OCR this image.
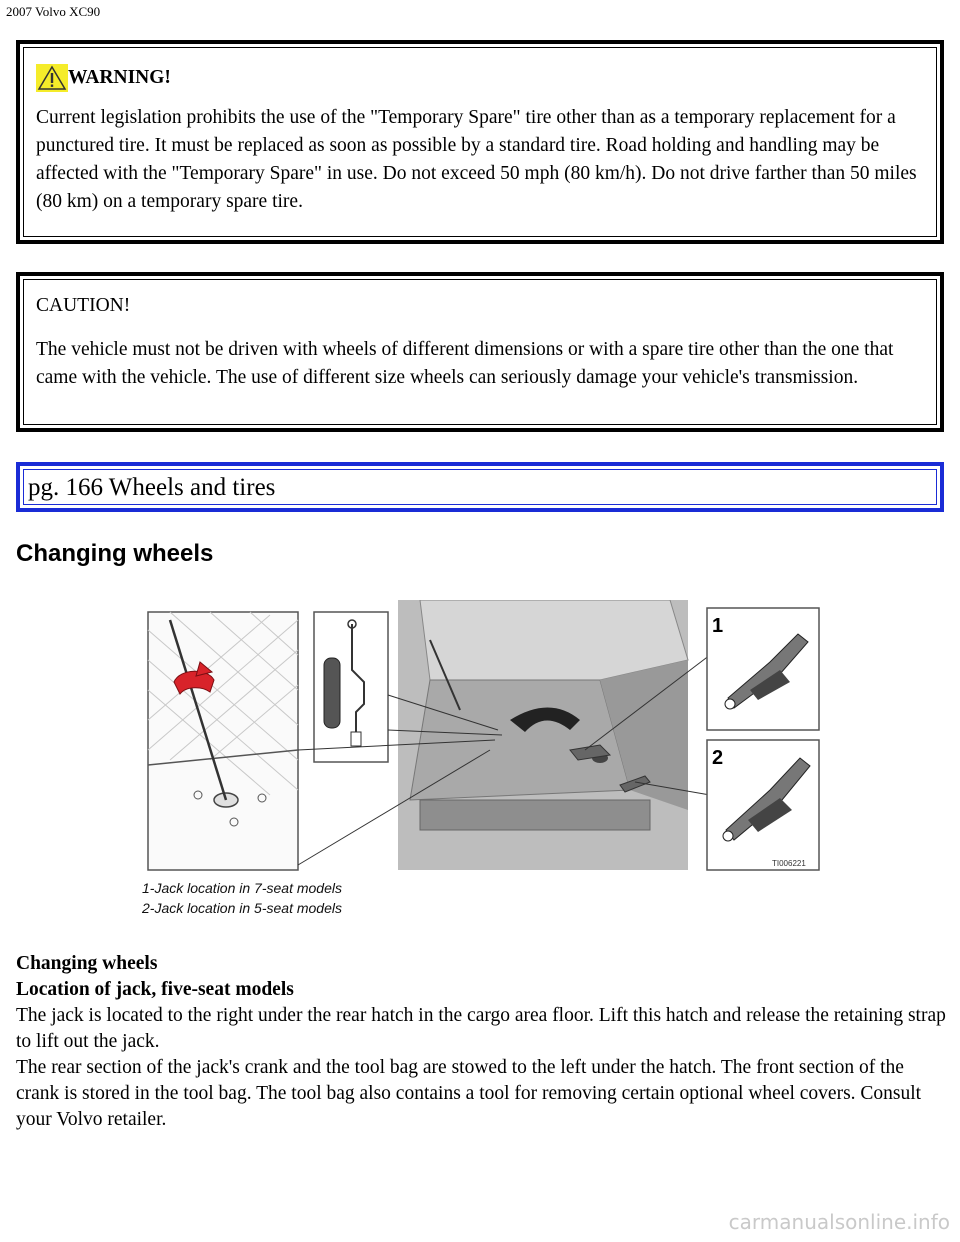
2007 Volvo XC90
WARNING!

Current legislation prohibits the use of the "Temporary Spare" tire other than as a temporary replacement for a punctured tire. It must be replaced as soon as possible by a standard tire. Road holding and handling may be affected with the "Temporary Spare" in use. Do not exceed 50 mph (80 km/h). Do not drive farther than 50 miles (80 km) on a temporary spare tire.

CAUTION!

The vehicle must not be driven with wheels of different dimensions or with a spare tire other than the one that came with the vehicle. The use of different size wheels can seriously damage your vehicle's transmission.

pg. 166 Wheels and tires
Changing wheels
1
2
TI006221
1-Jack location in 7-seat models
2-Jack location in 5-seat models

Changing wheels

Location of jack, five-seat models

The jack is located to the right under the rear hatch in the cargo area floor. Lift this hatch and release the retaining strap to lift out the jack.

The rear section of the jack's crank and the tool bag are stowed to the left under the hatch. The front section of the crank is stored in the tool bag. The tool bag also contains a tool for removing certain optional wheel covers. Consult your Volvo retailer.

carmanualsonline.info
